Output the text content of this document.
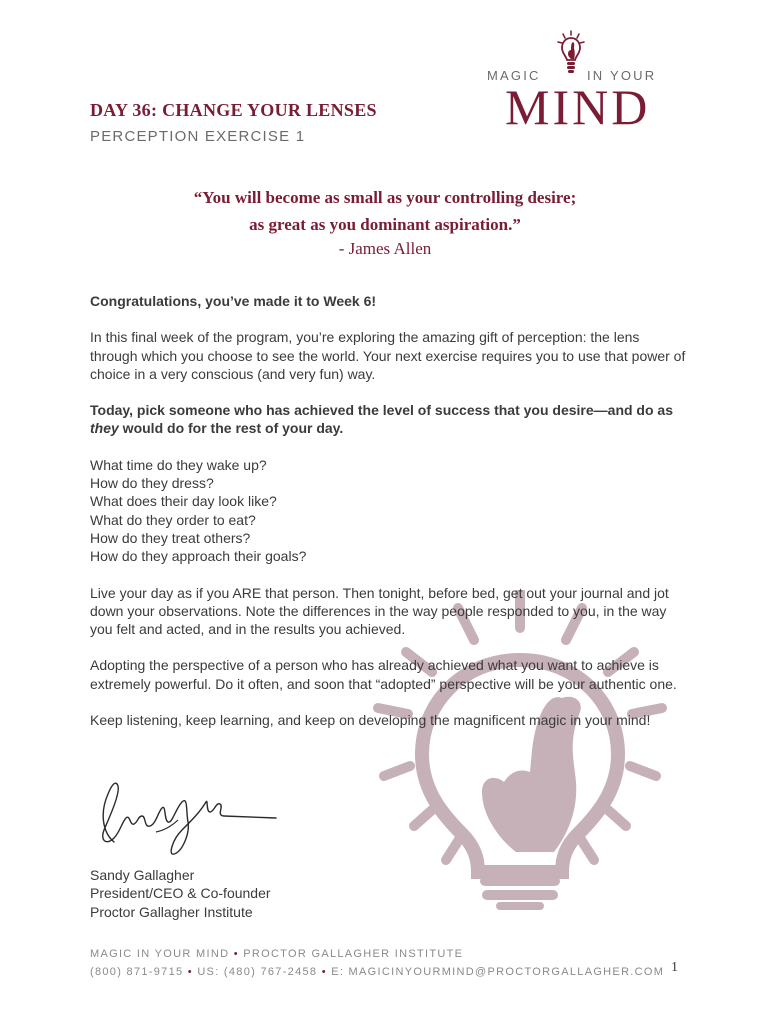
MAGIC	IN YOUR
MIND
DAY 36: CHANGE YOUR LENSES
PERCEPTION EXERCISE 1
“You will become as small as your controlling desire;
as great as you dominant aspiration.”
- James Allen

Congratulations, you’ve made it to Week 6!

In this final week of the program, you’re exploring the amazing gift of perception: the lens through which you choose to see the world. Your next exercise requires you to use that power of choice in a very conscious (and very fun) way.

Today, pick someone who has achieved the level of success that you desire—and do as they would do for the rest of your day.

What time do they wake up?
How do they dress?
What does their day look like?
What do they order to eat?
How do they treat others?
How do they approach their goals?

Live your day as if you ARE that person. Then tonight, before bed, get out your journal and jot down your observations. Note the differences in the way people responded to you, in the way you felt and acted, and in the results you achieved.

Adopting the perspective of a person who has already achieved what you want to achieve is extremely powerful. Do it often, and soon that “adopted” perspective will be your authentic one.

Keep listening, keep learning, and keep on developing the magnificent magic in your mind!

Sandy Gallagher
President/CEO & Co-founder
Proctor Gallagher Institute
MAGIC IN YOUR MIND • PROCTOR GALLAGHER INSTITUTE
(800) 871-9715 • US: (480) 767-2458 • E: MAGICINYOURMIND@PROCTORGALLAGHER.COM 1
